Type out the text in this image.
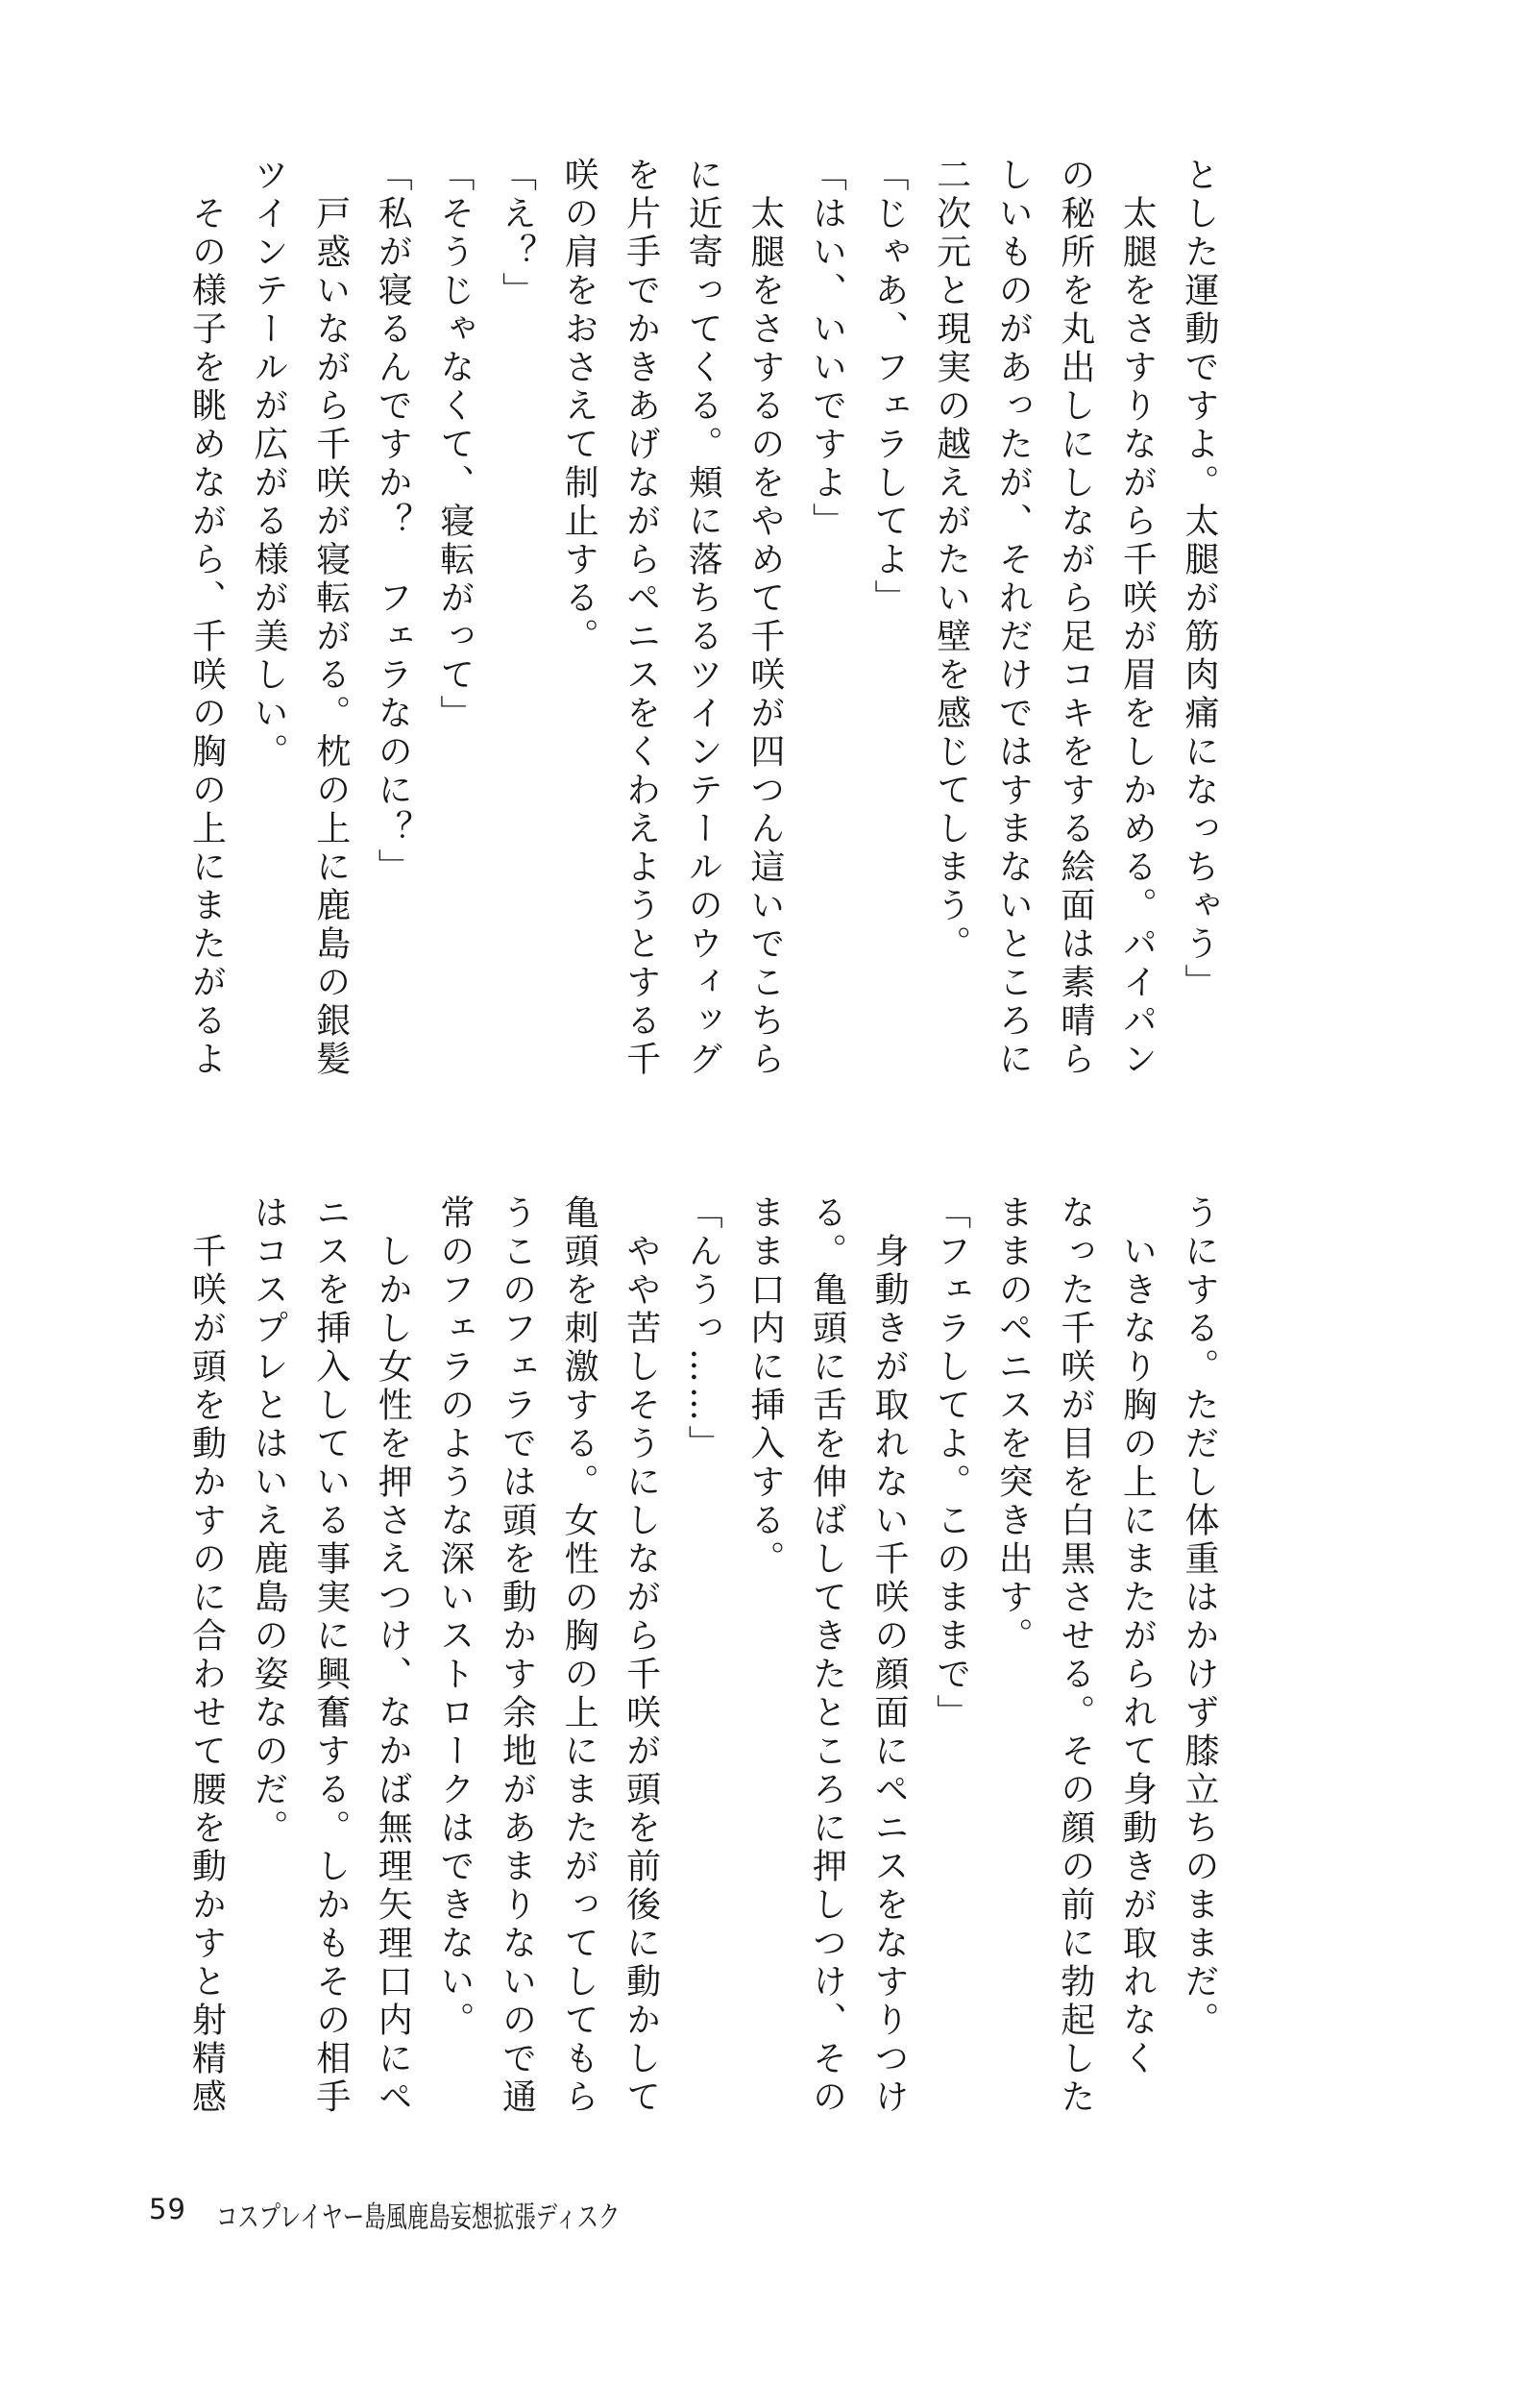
とした運動ですよ。太腿が筋肉痛になっちゃう」
　太腿をさすりながら千咲が眉をしかめる。パイパン
の秘所を丸出しにしながら足コキをする絵面は素晴ら
しいものがあったが、それだけではすまないところに
二次元と現実の越えがたい壁を感じてしまう。
「じゃあ、フェラしてよ」
「はい、いいですよ」
　太腿をさするのをやめて千咲が四つん這いでこちら
に近寄ってくる。頬に落ちるツインテールのウィッグ
を片手でかきあげながらペニスをくわえようとする千
咲の肩をおさえて制止する。
「え？」
「そうじゃなくて、寝転がって」
「私が寝るんですか？　フェラなのに？」
　戸惑いながら千咲が寝転がる。枕の上に鹿島の銀髪
ツインテールが広がる様が美しい。
　その様子を眺めながら、千咲の胸の上にまたがるよ
うにする。ただし体重はかけず膝立ちのままだ。
　いきなり胸の上にまたがられて身動きが取れなく
なった千咲が目を白黒させる。その顔の前に勃起した
ままのペニスを突き出す。
「フェラしてよ。このままで」
　身動きが取れない千咲の顔面にペニスをなすりつけ
る。亀頭に舌を伸ばしてきたところに押しつけ、その
まま口内に挿入する。
「んうっ……」
　やや苦しそうにしながら千咲が頭を前後に動かして
亀頭を刺激する。女性の胸の上にまたがってしてもら
うこのフェラでは頭を動かす余地があまりないので通
常のフェラのような深いストロークはできない。
　しかし女性を押さえつけ、なかば無理矢理口内にペ
ニスを挿入している事実に興奮する。しかもその相手
はコスプレとはいえ鹿島の姿なのだ。
　千咲が頭を動かすのに合わせて腰を動かすと射精感
59 コスプレイヤー島風鹿島妄想拡張ディスク
